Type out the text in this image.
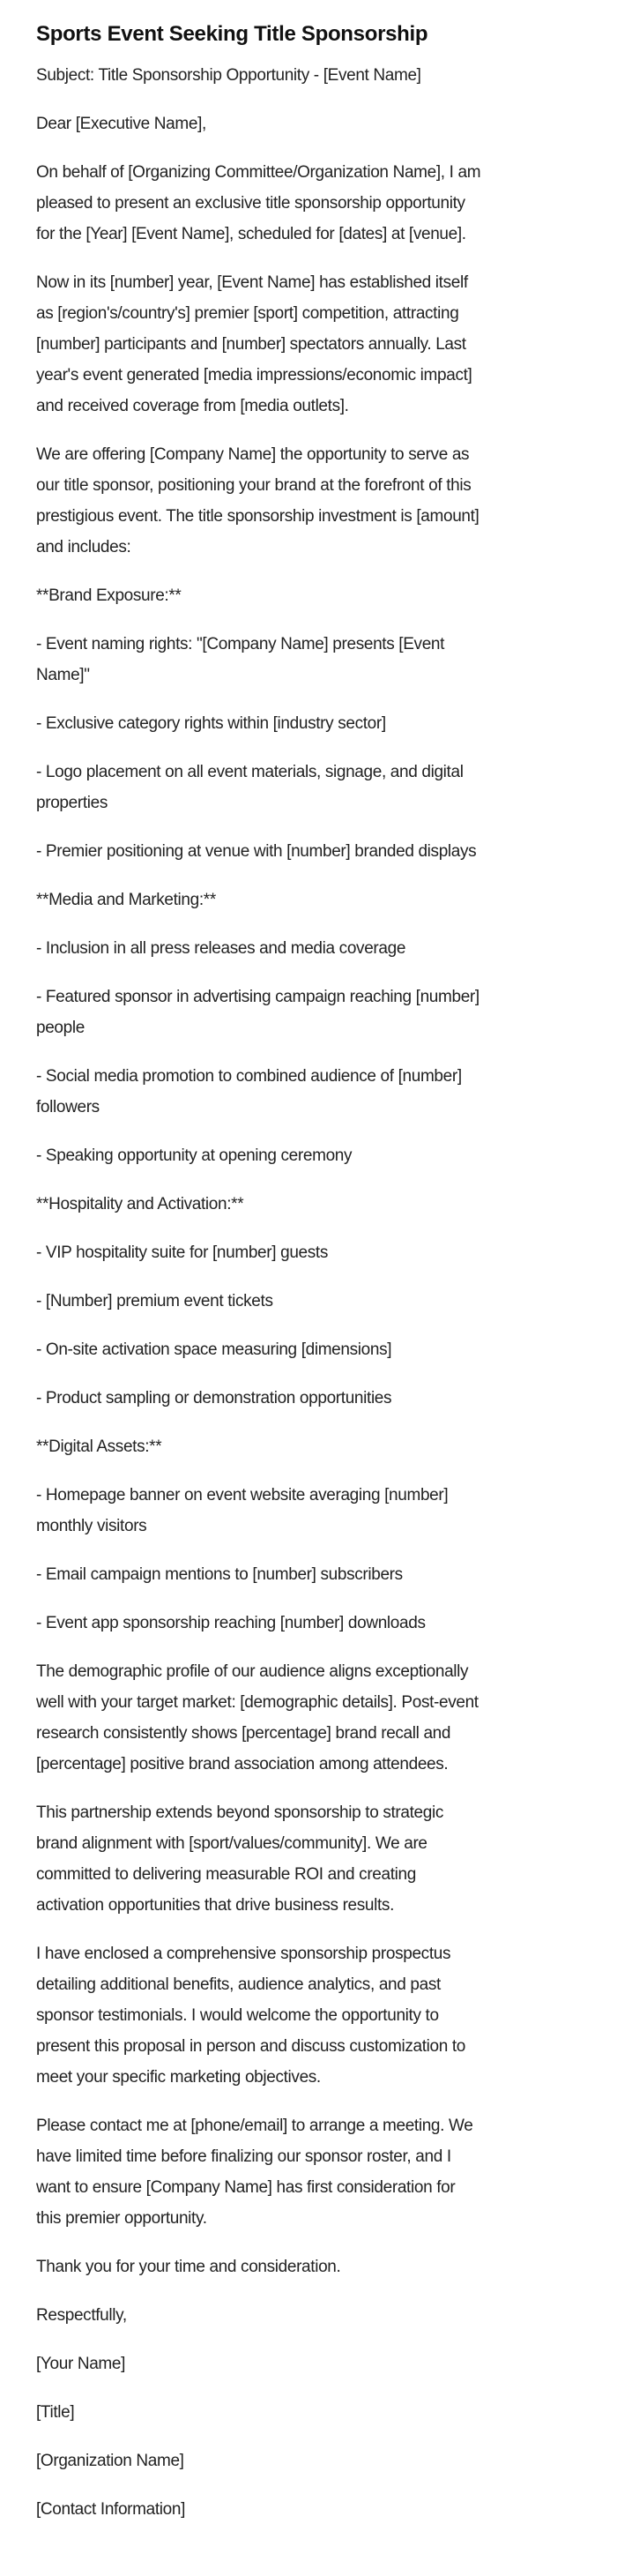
Sports Event Seeking Title Sponsorship

Subject: Title Sponsorship Opportunity - [Event Name]

Dear [Executive Name],

On behalf of [Organizing Committee/Organization Name], I am
pleased to present an exclusive title sponsorship opportunity
for the [Year] [Event Name], scheduled for [dates] at [venue].

Now in its [number] year, [Event Name] has established itself
as [region's/country's] premier [sport] competition, attracting
[number] participants and [number] spectators annually. Last
year's event generated [media impressions/economic impact]
and received coverage from [media outlets].

We are offering [Company Name] the opportunity to serve as
our title sponsor, positioning your brand at the forefront of this
prestigious event. The title sponsorship investment is [amount]
and includes:

**Brand Exposure:**

- Event naming rights: "[Company Name] presents [Event
Name]"

- Exclusive category rights within [industry sector]

- Logo placement on all event materials, signage, and digital
properties

- Premier positioning at venue with [number] branded displays

**Media and Marketing:**

- Inclusion in all press releases and media coverage

- Featured sponsor in advertising campaign reaching [number]
people

- Social media promotion to combined audience of [number]
followers

- Speaking opportunity at opening ceremony

**Hospitality and Activation:**

- VIP hospitality suite for [number] guests

- [Number] premium event tickets

- On-site activation space measuring [dimensions]

- Product sampling or demonstration opportunities

**Digital Assets:**

- Homepage banner on event website averaging [number]
monthly visitors

- Email campaign mentions to [number] subscribers

- Event app sponsorship reaching [number] downloads

The demographic profile of our audience aligns exceptionally
well with your target market: [demographic details]. Post-event
research consistently shows [percentage] brand recall and
[percentage] positive brand association among attendees.

This partnership extends beyond sponsorship to strategic
brand alignment with [sport/values/community]. We are
committed to delivering measurable ROI and creating
activation opportunities that drive business results.

I have enclosed a comprehensive sponsorship prospectus
detailing additional benefits, audience analytics, and past
sponsor testimonials. I would welcome the opportunity to
present this proposal in person and discuss customization to
meet your specific marketing objectives.

Please contact me at [phone/email] to arrange a meeting. We
have limited time before finalizing our sponsor roster, and I
want to ensure [Company Name] has first consideration for
this premier opportunity.

Thank you for your time and consideration.

Respectfully,

[Your Name]

[Title]

[Organization Name]

[Contact Information]
